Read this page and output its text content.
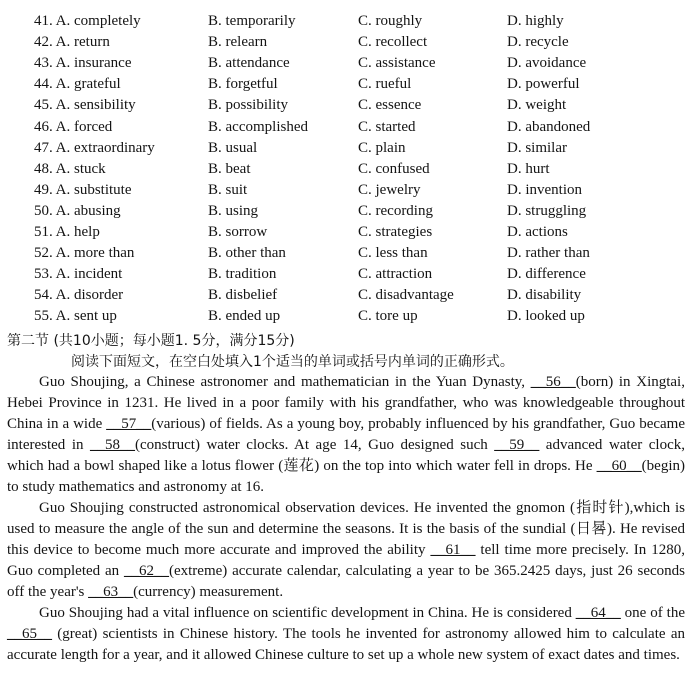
41. A. completely	B. temporarily	C. roughly	D. highly
42. A. return	B. relearn	C. recollect	D. recycle
43. A. insurance	B. attendance	C. assistance	D. avoidance
44. A. grateful	B. forgetful	C. rueful	D. powerful
45. A. sensibility	B. possibility	C. essence	D. weight
46. A. forced	B. accomplished	C. started	D. abandoned
47. A. extraordinary	B. usual	C. plain	D. similar
48. A. stuck	B. beat	C. confused	D. hurt
49. A. substitute	B. suit	C. jewelry	D. invention
50. A. abusing	B. using	C. recording	D. struggling
51. A. help	B. sorrow	C. strategies	D. actions
52. A. more than	B. other than	C. less than	D. rather than
53. A. incident	B. tradition	C. attraction	D. difference
54. A. disorder	B. disbelief	C. disadvantage	D. disability
55. A. sent up	B. ended up	C. tore up	D. looked up
第二节 (共10小题；每小题1. 5分，满分15分)
阅读下面短文，在空白处填入1个适当的单词或括号内单词的正确形式。

Guo Shoujing, a Chinese astronomer and mathematician in the Yuan Dynasty, __56__(born) in Xingtai, Hebei Province in 1231. He lived in a poor family with his grandfather, who was knowledgeable throughout China in a wide __57__(various) of fields. As a young boy, probably influenced by his grandfather, Guo became interested in __58__(construct) water clocks. At age 14, Guo designed such __59__ advanced water clock, which had a bowl shaped like a lotus flower (莲花) on the top into which water fell in drops. He __60__(begin) to study mathematics and astronomy at 16.

Guo Shoujing constructed astronomical observation devices. He invented the gnomon (指时针),which is used to measure the angle of the sun and determine the seasons. It is the basis of the sundial (日晷). He revised this device to become much more accurate and improved the ability __61__ tell time more precisely. In 1280, Guo completed an __62__(extreme) accurate calendar, calculating a year to be 365.2425 days, just 26 seconds off the year's __63__(currency) measurement.

Guo Shoujing had a vital influence on scientific development in China. He is considered __64__ one of the __65__ (great) scientists in Chinese history. The tools he invented for astronomy allowed him to calculate an accurate length for a year, and it allowed Chinese culture to set up a whole new system of exact dates and times.
